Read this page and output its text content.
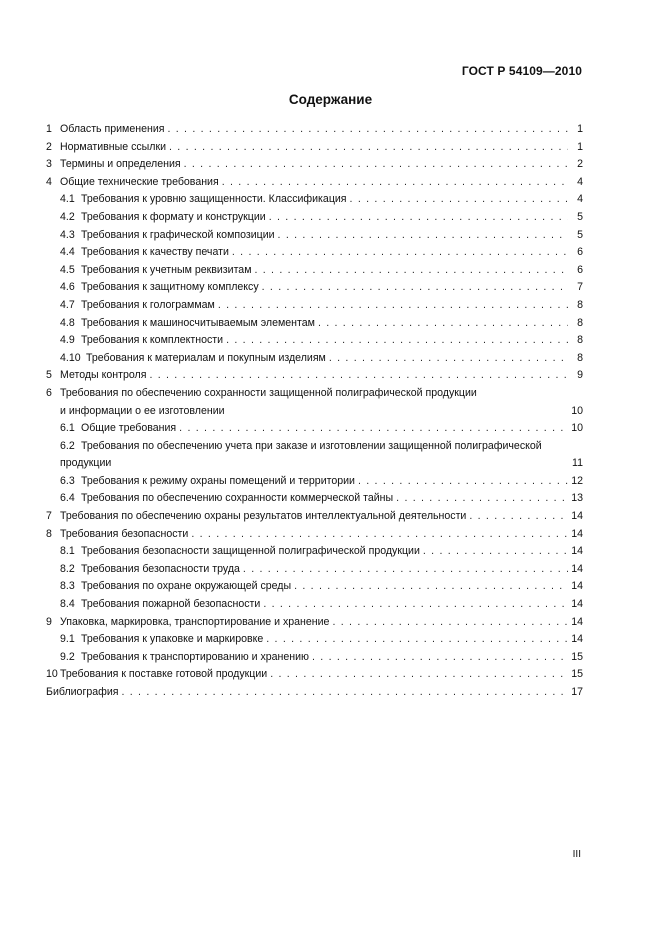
ГОСТ Р 54109—2010
Содержание
1 Область применения . . .	1
2 Нормативные ссылки . . .	1
3 Термины и определения . . .	2
4 Общие технические требования . . .	4
4.1 Требования к уровню защищенности. Классификация . . .	4
4.2 Требования к формату и конструкции . . .	5
4.3 Требования к графической композиции . . .	5
4.4 Требования к качеству печати . . .	6
4.5 Требования к учетным реквизитам . . .	6
4.6 Требования к защитному комплексу . . .	7
4.7 Требования к голограммам . . .	8
4.8 Требования к машиносчитываемым элементам . . .	8
4.9 Требования к комплектности . . .	8
4.10 Требования к материалам и покупным изделиям . . .	8
5 Методы контроля . . .	9
6 Требования по обеспечению сохранности защищенной полиграфической продукции
и информации о ее изготовлении	10
6.1 Общие требования . . .	10
6.2 Требования по обеспечению учета при заказе и изготовлении защищенной полиграфической
продукции	11
6.3 Требования к режиму охраны помещений и территории . . .	12
6.4 Требования по обеспечению сохранности коммерческой тайны . . .	13
7 Требования по обеспечению охраны результатов интеллектуальной деятельности . . .	14
8 Требования безопасности . . .	14
8.1 Требования безопасности защищенной полиграфической продукции . . .	14
8.2 Требования безопасности труда . . .	14
8.3 Требования по охране окружающей среды . . .	14
8.4 Требования пожарной безопасности . . .	14
9 Упаковка, маркировка, транспортирование и хранение . . .	14
9.1 Требования к упаковке и маркировке . . .	14
9.2 Требования к транспортированию и хранению . . .	15
10 Требования к поставке готовой продукции . . .	15
Библиография . . .	17
III
